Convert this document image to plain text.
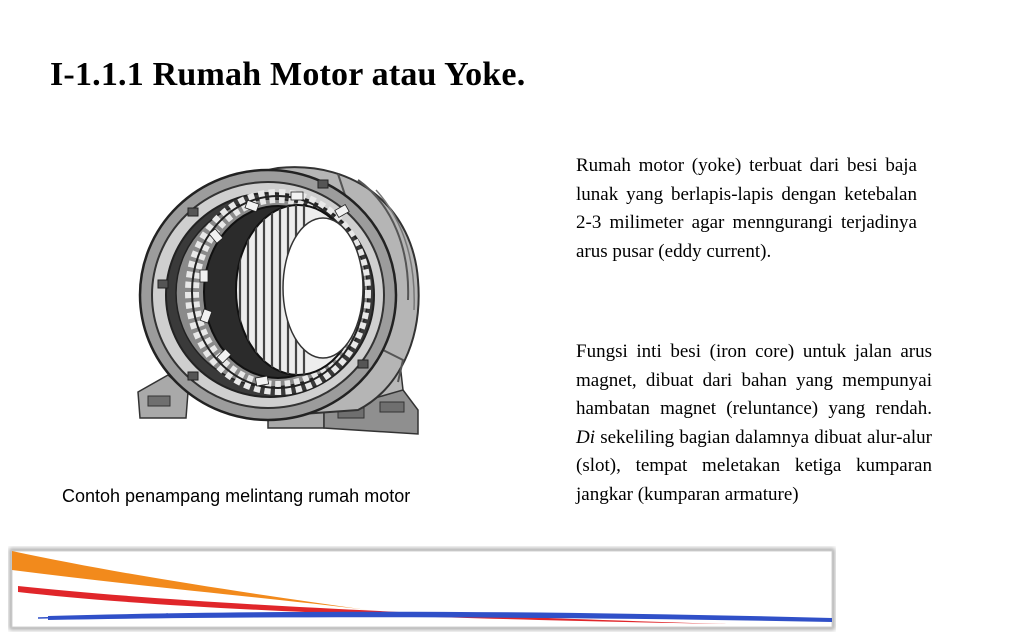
I-1.1.1 Rumah Motor atau Yoke.
Contoh penampang melintang rumah motor

Rumah motor (yoke) terbuat dari besi baja lunak yang berlapis-lapis dengan ketebalan 2-3 milimeter agar menngurangi terjadinya arus pusar (eddy current).

Fungsi inti besi (iron core) untuk jalan arus magnet, dibuat dari bahan yang mempunyai hambatan magnet (reluntance) yang rendah. Di sekeliling bagian dalamnya dibuat alur-alur (slot), tempat meletakan ketiga kumparan jangkar (kumparan armature)
